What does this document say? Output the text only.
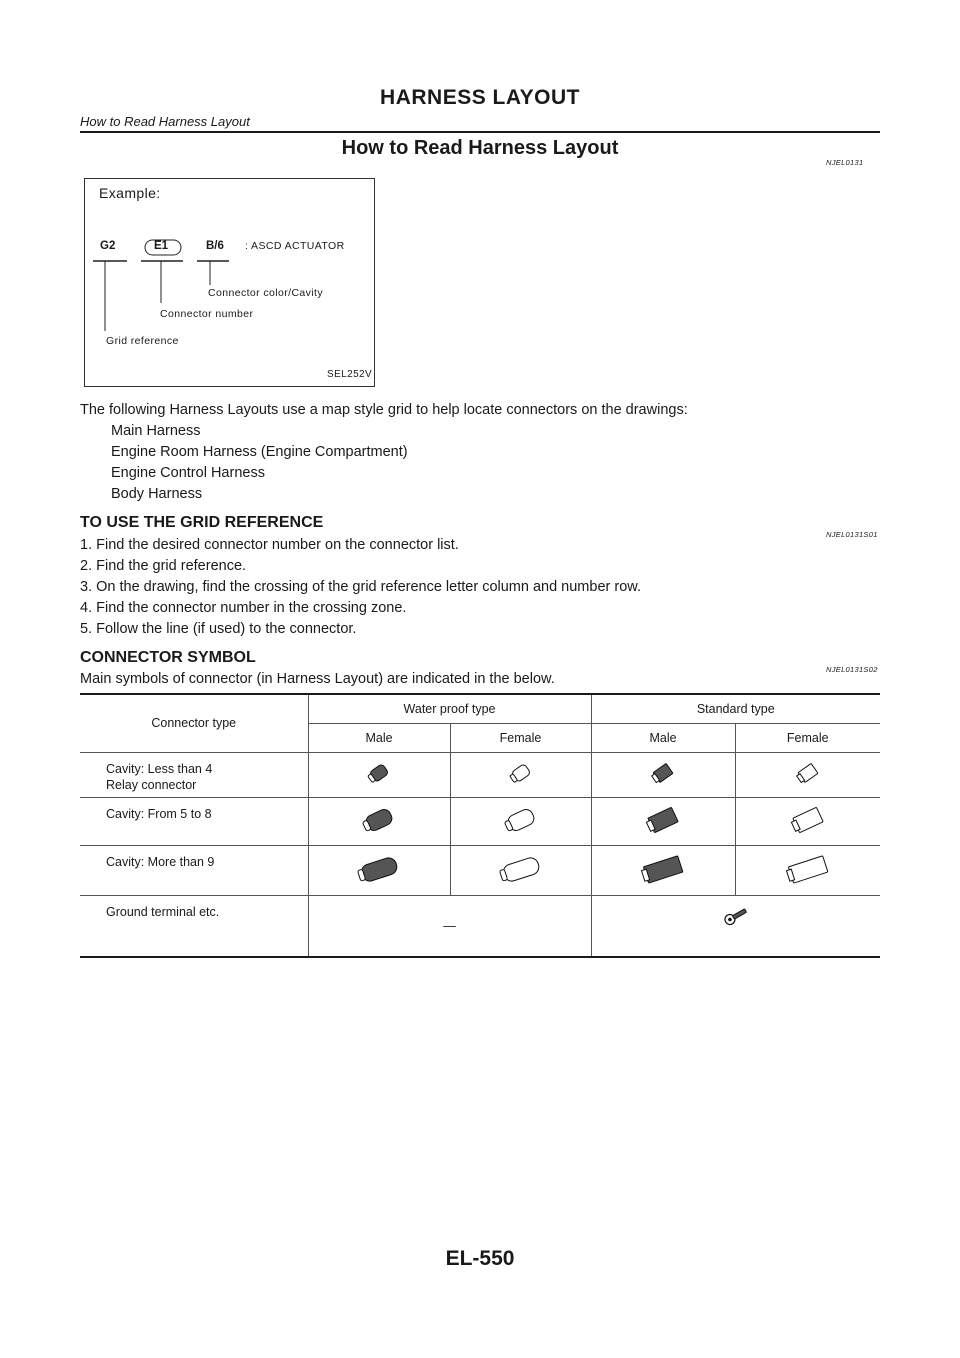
HARNESS LAYOUT
How to Read Harness Layout
How to Read Harness Layout
NJEL0131
Example:
G2	E1	B/6 : ASCD ACTUATOR
Connector color/Cavity
Connector number
Grid reference
SEL252V
The following Harness Layouts use a map style grid to help locate connectors on the drawings:
Main Harness
Engine Room Harness (Engine Compartment)
Engine Control Harness
Body Harness
TO USE THE GRID REFERENCE
NJEL0131S01
1. Find the desired connector number on the connector list.
2. Find the grid reference.
3. On the drawing, find the crossing of the grid reference letter column and number row.
4. Find the connector number in the crossing zone.
5. Follow the line (if used) to the connector.
CONNECTOR SYMBOL
NJEL0131S02
Main symbols of connector (in Harness Layout) are indicated in the below.
Connector type	Water proof type		Standard type	
	Male	Female	Male	Female

Cavity: Less than 4
Relay connector

Cavity: From 5 to 8				
Cavity: More than 9				
Ground terminal etc.	—	
EL-550
